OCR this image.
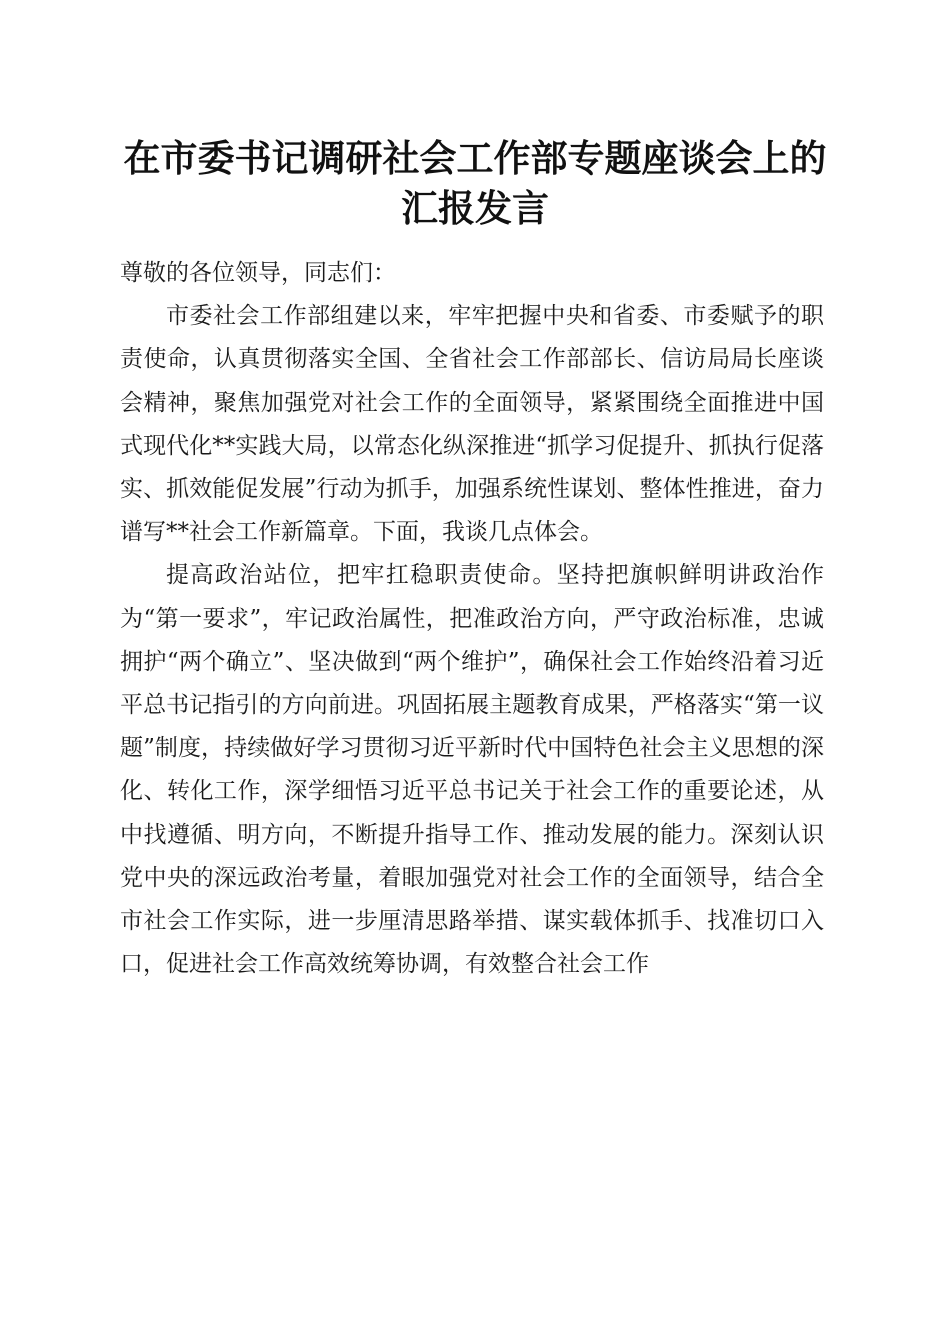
在市委书记调研社会工作部专题座谈会上的汇报发言

尊敬的各位领导，同志们：

市委社会工作部组建以来，牢牢把握中央和省委、市委赋予的职责使命，认真贯彻落实全国、全省社会工作部部长、信访局局长座谈会精神，聚焦加强党对社会工作的全面领导，紧紧围绕全面推进中国式现代化**实践大局，以常态化纵深推进“抓学习促提升、抓执行促落实、抓效能促发展”行动为抓手，加强系统性谋划、整体性推进，奋力谱写**社会工作新篇章。下面，我谈几点体会。

提高政治站位，把牢扛稳职责使命。坚持把旗帜鲜明讲政治作为“第一要求”，牢记政治属性，把准政治方向，严守政治标准，忠诚拥护“两个确立”、坚决做到“两个维护”，确保社会工作始终沿着习近平总书记指引的方向前进。巩固拓展主题教育成果，严格落实“第一议题”制度，持续做好学习贯彻习近平新时代中国特色社会主义思想的深化、转化工作，深学细悟习近平总书记关于社会工作的重要论述，从中找遵循、明方向，不断提升指导工作、推动发展的能力。深刻认识党中央的深远政治考量，着眼加强党对社会工作的全面领导，结合全市社会工作实际，进一步厘清思路举措、谋实载体抓手、找准切口入口，促进社会工作高效统筹协调，有效整合社会工作
